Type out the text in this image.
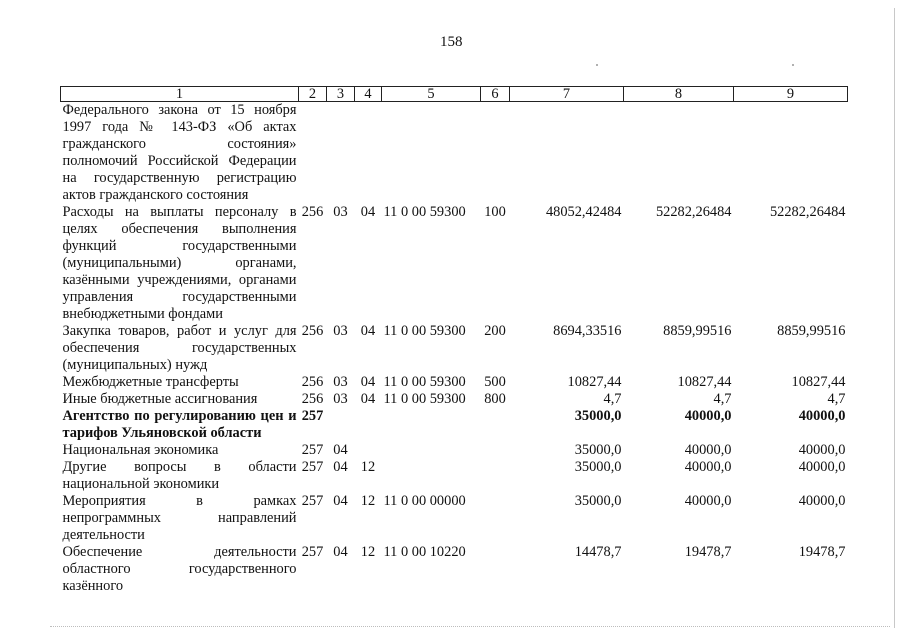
158
1	2	3	4	5	6	7	8	9
Федерального закона от 15 ноября 1997 года № 143-ФЗ «Об актах гражданского состояния» полномочий Российской Федерации на государственную регистрацию актов гражданского состояния								
Расходы на выплаты персоналу в целях обеспечения выполнения функций государственными (муниципальными) органами, казёнными учреждениями, органами управления государственными внебюджетными фондами	256	03	04	11 0 00 59300	100	48052,42484	52282,26484	52282,26484
Закупка товаров, работ и услуг для обеспечения государственных (муниципальных) нужд	256	03	04	11 0 00 59300	200	8694,33516	8859,99516	8859,99516
Межбюджетные трансферты	256	03	04	11 0 00 59300	500	10827,44	10827,44	10827,44
Иные бюджетные ассигнования	256	03	04	11 0 00 59300	800	4,7	4,7	4,7
Агентство по регулированию цен и тарифов Ульяновской области	257					35000,0	40000,0	40000,0
Национальная экономика	257	04				35000,0	40000,0	40000,0
Другие вопросы в области национальной экономики	257	04	12			35000,0	40000,0	40000,0
Мероприятия в рамках непрограммных направлений деятельности	257	04	12	11 0 00 00000		35000,0	40000,0	40000,0
Обеспечение деятельности областного государственного казённого	257	04	12	11 0 00 10220		14478,7	19478,7	19478,7
